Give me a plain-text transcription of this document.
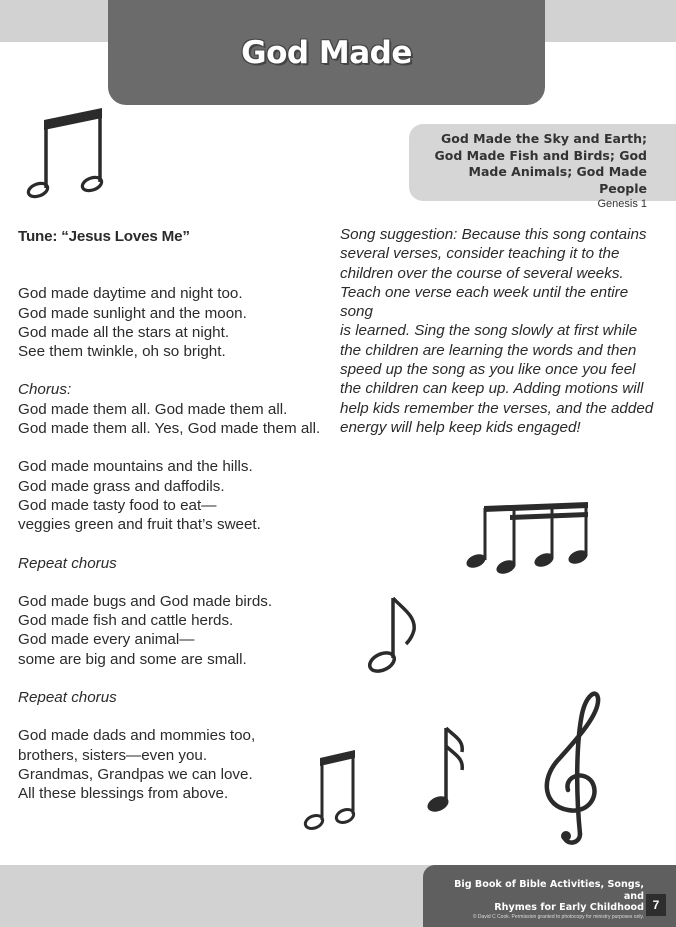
God Made
God Made the Sky and Earth;
God Made Fish and Birds; God
Made Animals; God Made People
Genesis 1
Tune: “Jesus Loves Me”

God made daytime and night too.

God made sunlight and the moon.

God made all the stars at night.

See them twinkle, oh so bright.

Chorus:

God made them all. God made them all.

God made them all. Yes, God made them all.

God made mountains and the hills.

God made grass and daffodils.

God made tasty food to eat—

veggies green and fruit that’s sweet.

Repeat chorus

God made bugs and God made birds.

God made fish and cattle herds.

God made every animal—

some are big and some are small.

Repeat chorus

God made dads and mommies too,

brothers, sisters—even you.

Grandmas, Grandpas we can love.

All these blessings from above.

Song suggestion: Because this song contains

several verses, consider teaching it to the

children over the course of several weeks.

Teach one verse each week until the entire song

is learned. Sing the song slowly at first while

the children are learning the words and then

speed up the song as you like once you feel

the children can keep up. Adding motions will

help kids remember the verses, and the added

energy will help keep kids engaged!

Big Book of Bible Activities, Songs, and
Rhymes for Early Childhood
© David C Cook. Permission granted to photocopy for ministry purposes only.
7
